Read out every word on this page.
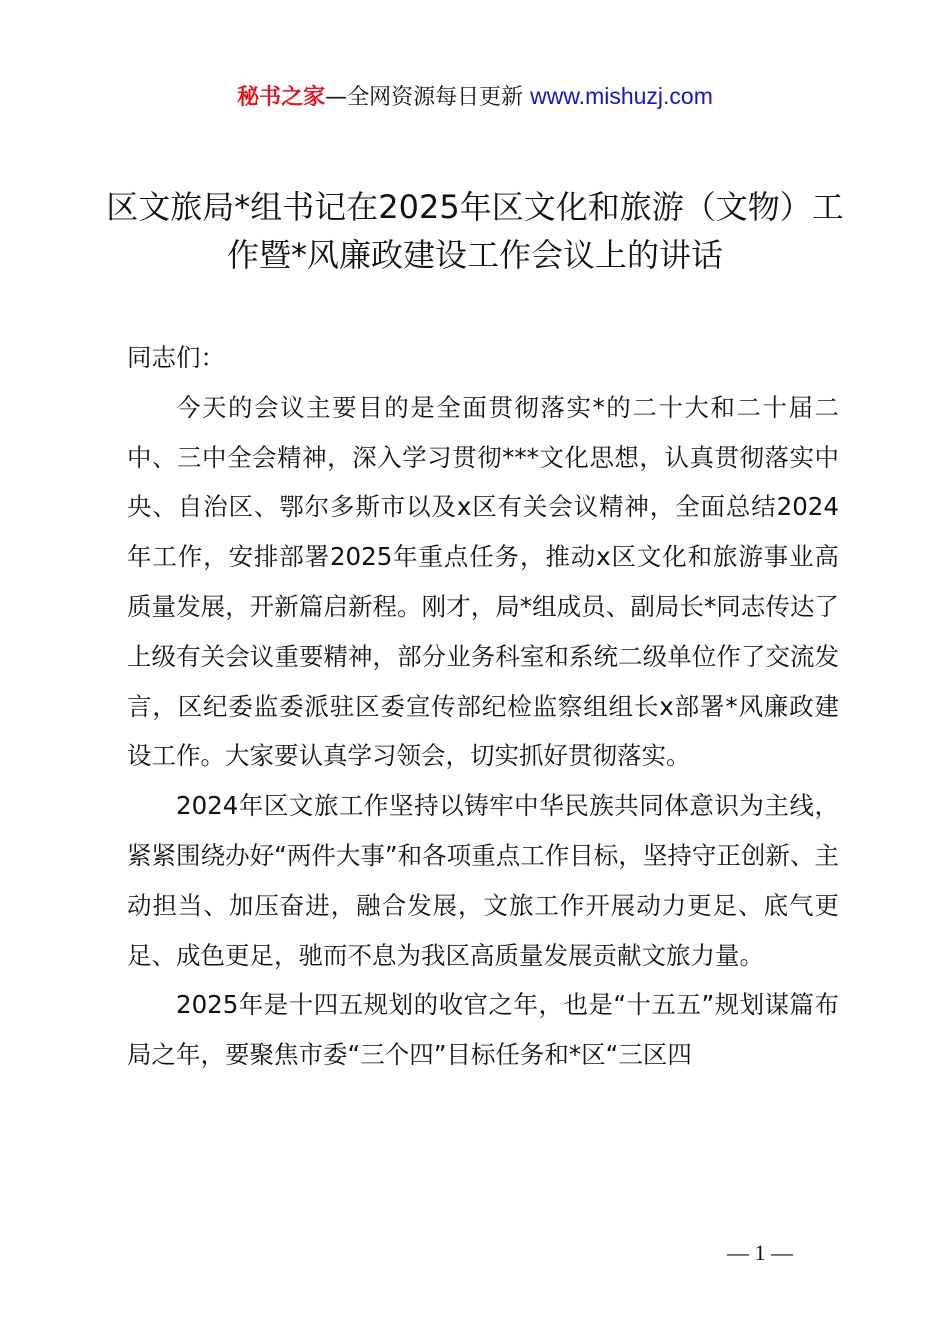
秘书之家—全网资源每日更新 www.mishuzj.com
区文旅局*组书记在2025年区文化和旅游（文物）工作暨*风廉政建设工作会议上的讲话

同志们：

今天的会议主要目的是全面贯彻落实*的二十大和二十届二中、三中全会精神，深入学习贯彻***文化思想，认真贯彻落实中央、自治区、鄂尔多斯市以及x区有关会议精神，全面总结2024年工作，安排部署2025年重点任务，推动x区文化和旅游事业高质量发展，开新篇启新程。刚才，局*组成员、副局长*同志传达了上级有关会议重要精神，部分业务科室和系统二级单位作了交流发言，区纪委监委派驻区委宣传部纪检监察组组长x部署*风廉政建设工作。大家要认真学习领会，切实抓好贯彻落实。

2024年区文旅工作坚持以铸牢中华民族共同体意识为主线，紧紧围绕办好“两件大事”和各项重点工作目标，坚持守正创新、主动担当、加压奋进，融合发展，文旅工作开展动力更足、底气更足、成色更足，驰而不息为我区高质量发展贡献文旅力量。

2025年是十四五规划的收官之年，也是“十五五”规划谋篇布局之年，要聚焦市委“三个四”目标任务和*区“三区四

— 1 —
